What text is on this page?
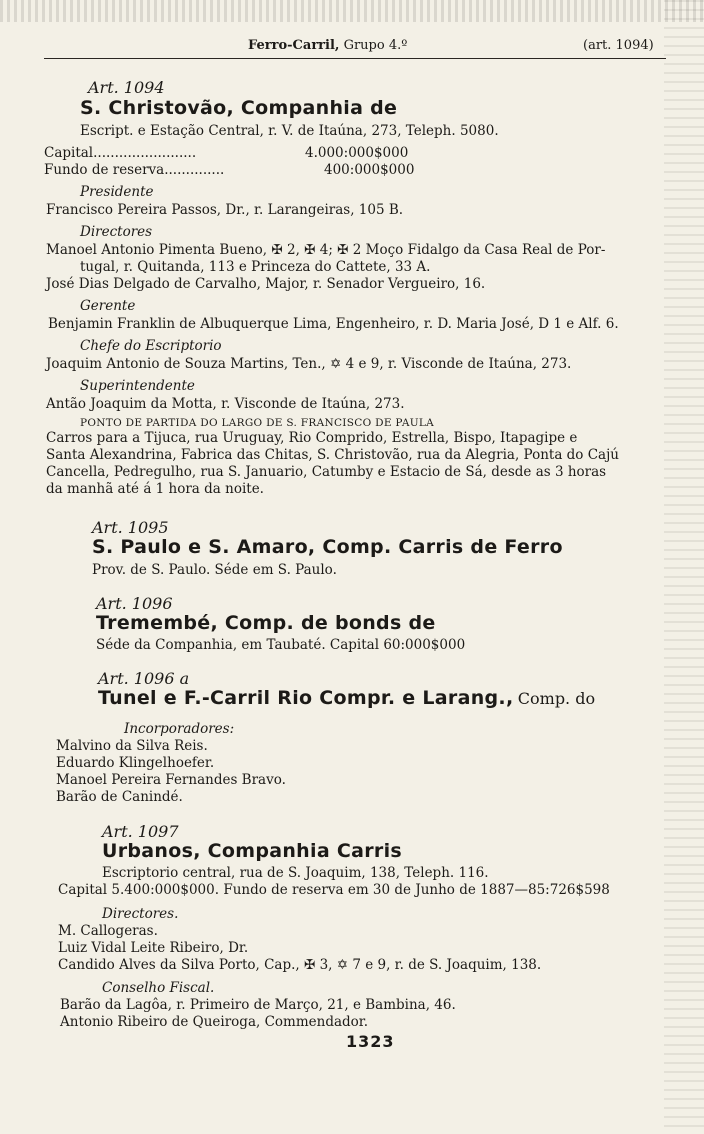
Ferro-Carril, Grupo 4.º	(art. 1094)
Art. 1094
S. Christovão, Companhia de
Escript. e Estação Central, r. V. de Itaúna, 273, Teleph. 5080.
Capital........................	4.000:000$000
Fundo de reserva..............	400:000$000
Presidente
Francisco Pereira Passos, Dr., r. Larangeiras, 105 B.
Directores
Manoel Antonio Pimenta Bueno, ✠ 2, ✠ 4; ✠ 2 Moço Fidalgo da Casa Real de Por-
tugal, r. Quitanda, 113 e Princeza do Cattete, 33 A.
José Dias Delgado de Carvalho, Major, r. Senador Vergueiro, 16.
Gerente
Benjamin Franklin de Albuquerque Lima, Engenheiro, r. D. Maria José, D 1 e Alf. 6.
Chefe do Escriptorio
Joaquim Antonio de Souza Martins, Ten., ✡ 4 e 9, r. Visconde de Itaúna, 273.
Superintendente
Antão Joaquim da Motta, r. Visconde de Itaúna, 273.
PONTO DE PARTIDA DO LARGO DE S. FRANCISCO DE PAULA
Carros para a Tijuca, rua Uruguay, Rio Comprido, Estrella, Bispo, Itapagipe e
Santa Alexandrina, Fabrica das Chitas, S. Christovão, rua da Alegria, Ponta do Cajú
Cancella, Pedregulho, rua S. Januario, Catumby e Estacio de Sá, desde as 3 horas
da manhã até á 1 hora da noite.
Art. 1095
S. Paulo e S. Amaro, Comp. Carris de Ferro
Prov. de S. Paulo. Séde em S. Paulo.
Art. 1096
Tremembé, Comp. de bonds de
Séde da Companhia, em Taubaté. Capital 60:000$000
Art. 1096 a
Tunel e F.-Carril Rio Compr. e Larang., Comp. do
Incorporadores:
Malvino da Silva Reis.
Eduardo Klingelhoefer.
Manoel Pereira Fernandes Bravo.
Barão de Canindé.
Art. 1097
Urbanos, Companhia Carris
Escriptorio central, rua de S. Joaquim, 138, Teleph. 116.
Capital 5.400:000$000. Fundo de reserva em 30 de Junho de 1887—85:726$598
Directores.
M. Callogeras.
Luiz Vidal Leite Ribeiro, Dr.
Candido Alves da Silva Porto, Cap., ✠ 3, ✡ 7 e 9, r. de S. Joaquim, 138.
Conselho Fiscal.
Barão da Lagôa, r. Primeiro de Março, 21, e Bambina, 46.
Antonio Ribeiro de Queiroga, Commendador.
1323
